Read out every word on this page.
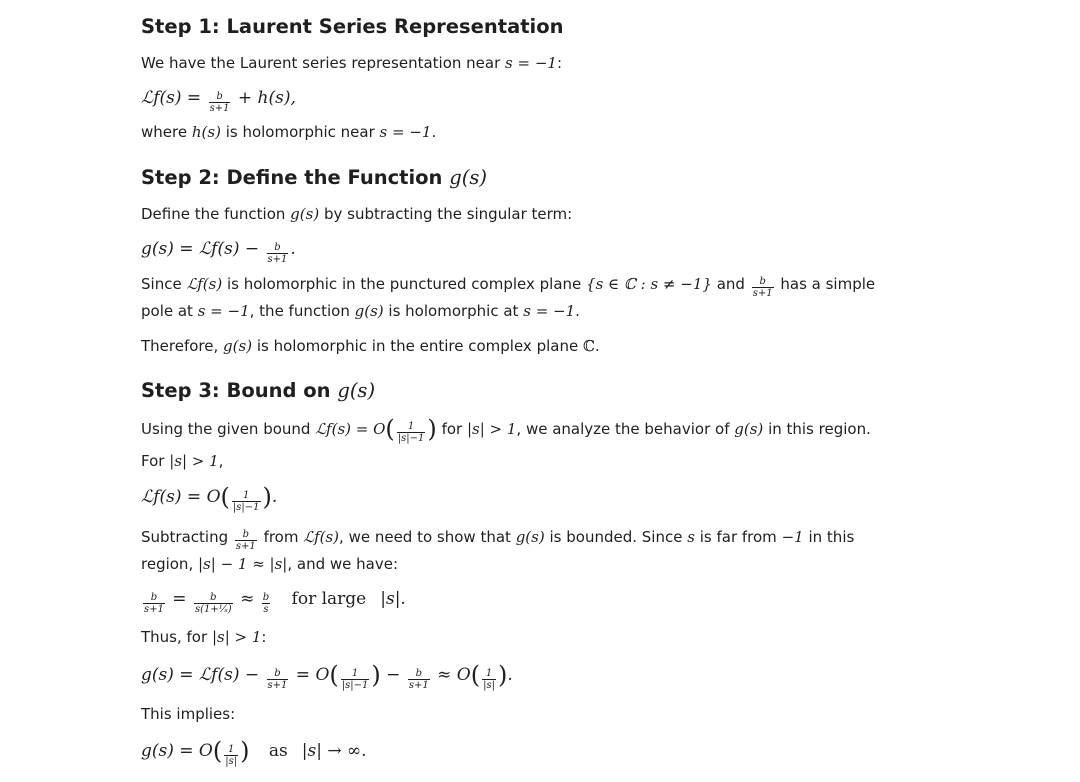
Step 1: Laurent Series Representation
We have the Laurent series representation near s = −1:
ℒf(s) = $\frac{b}{s+1} + h(s)$,
where h(s) is holomorphic near s = −1.
Step 2: Define the Function g(s)
Define the function g(s) by subtracting the singular term:
g(s) = ℒf(s) − $\frac{b}{s+1}$ .
Since ℒf(s) is holomorphic in the punctured complex plane {s ∈ ℂ : s ≠ −1} and $\frac{b}{s+1}$ has a simple
pole at s = −1, the function g(s) is holomorphic at s = −1.
Therefore, g(s) is holomorphic in the entire complex plane ℂ.
Step 3: Bound on g(s)
Using the given bound ℒf(s) = $O( \frac{1}{|s|-1}$ ) for |s| > 1, we analyze the behavior of g(s) in this region.
For |s| > 1,
ℒf(s) = $O( \frac{1}{|s|-1}$ ).
Subtracting $\frac{b}{s+1}$ from ℒf(s), we need to show that g(s) is bounded. Since s is far from −1 in this
region, |s| − 1 ≈ |s|, and we have:
$\frac{b}{s+1} = \frac{b}{\text{s(1+¹⁄ₛ)}} \approx \frac{b}{s}$ for large |s|.
Thus, for |s| > 1:
g(s) = ℒf(s) − $\frac{b}{s+1} = O( \frac{1}{|s|-1}$ ) − $\frac{b}{s+1} \approx O( \frac{1}{|s|}$ ).
This implies:
$g(s) = O( \frac{1}{|s|}$ ) as |s| → ∞.
